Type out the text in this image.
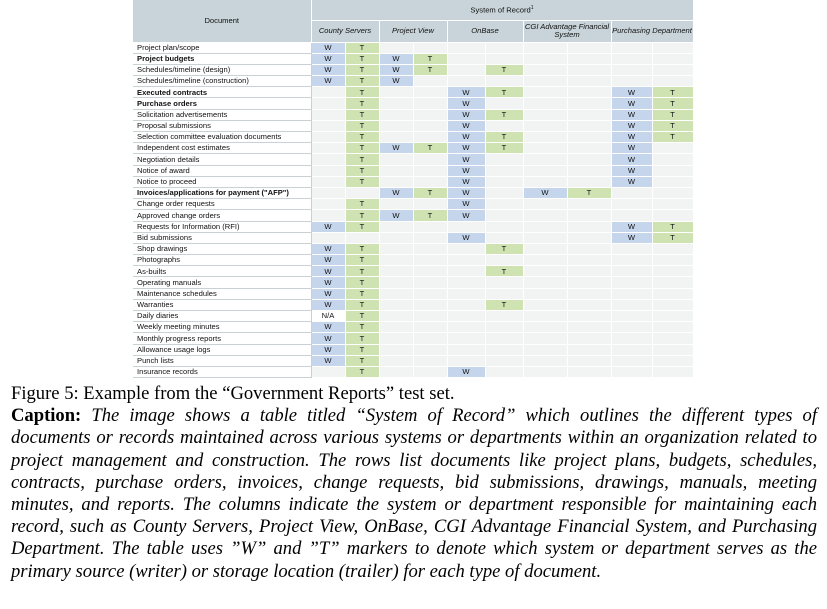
Document	System of Record$^1$
	County Servers		Project View		OnBase		CGI Advantage Financial System		Purchasing Department	
Project plan/scope	W	T								
Project budgets	W	T	W	T						
Schedules/timeline (design)	W	T	W	T		T				
Schedules/timeline (construction)	W	T	W							
Executed contracts		T			W	T			W	T
Purchase orders		T			W				W	T
Solicitation advertisements		T			W	T			W	T
Proposal submissions		T			W				W	T
Selection committee evaluation documents		T			W	T			W	T
Independent cost estimates		T	W	T	W	T			W	
Negotiation details		T			W				W	
Notice of award		T			W				W	
Notice to proceed		T			W				W	
Invoices/applications for payment ("AFP")			W	T	W		W	T		
Change order requests		T			W					
Approved change orders		T	W	T	W					
Requests for Information (RFI)	W	T							W	T
Bid submissions					W				W	T
Shop drawings	W	T				T				
Photographs	W	T								
As-builts	W	T				T				
Operating manuals	W	T								
Maintenance schedules	W	T								
Warranties	W	T				T				
Daily diaries	N/A	T								
Weekly meeting minutes	W	T								
Monthly progress reports	W	T								
Allowance usage logs	W	T								
Punch lists	W	T								
Insurance records		T			W					
Figure 5: Example from the “Government Reports” test set.
Caption: The image shows a table titled “System of Record” which outlines the different types of documents or records maintained across various systems or departments within an organization related to project management and construction. The rows list documents like project plans, budgets, schedules, contracts, purchase orders, invoices, change requests, bid submissions, drawings, manuals, meeting minutes, and reports. The columns indicate the system or department responsible for maintaining each record, such as County Servers, Project View, OnBase, CGI Advantage Financial System, and Purchasing Department. The table uses ”W” and ”T” markers to denote which system or department serves as the primary source (writer) or storage location (trailer) for each type of document.
